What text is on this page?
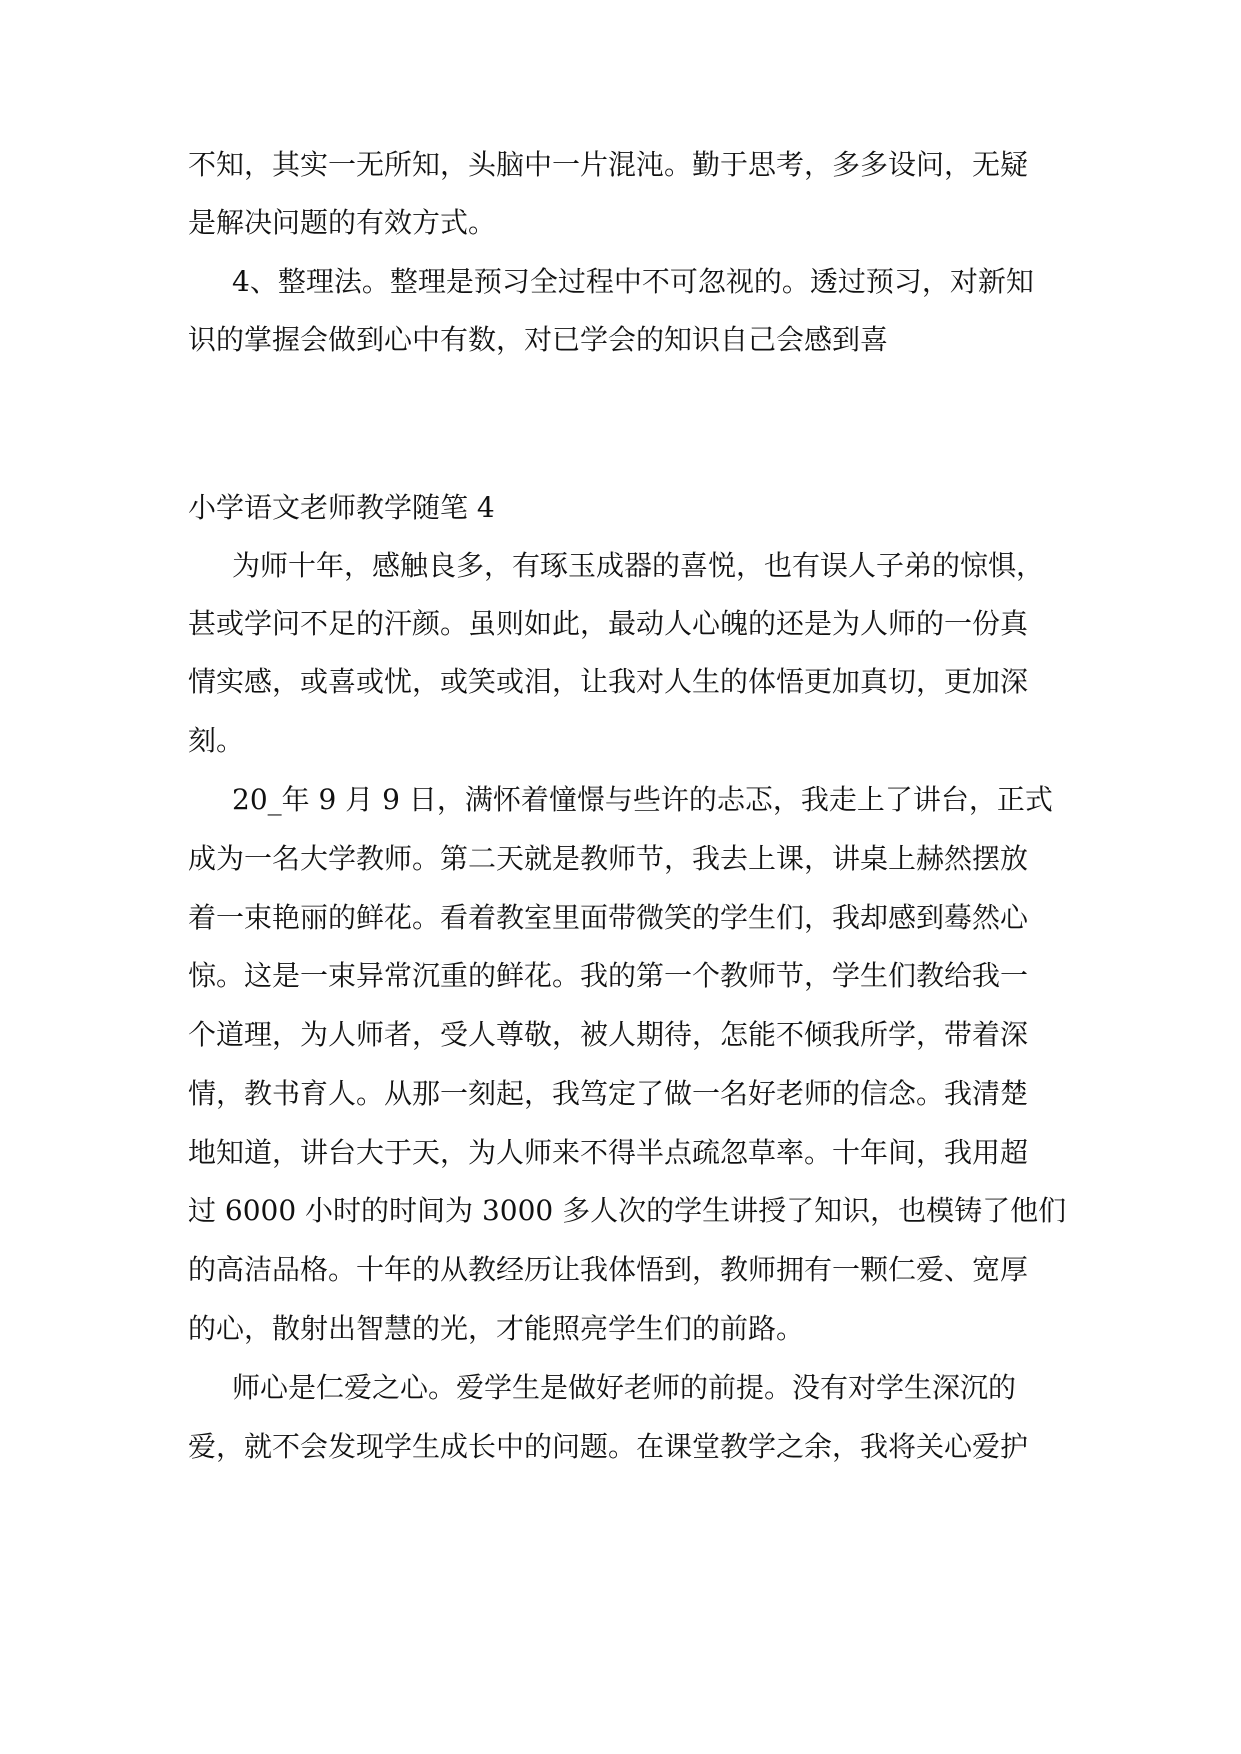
不知，其实一无所知，头脑中一片混沌。勤于思考，多多设问，无疑

是解决问题的有效方式。

4、整理法。整理是预习全过程中不可忽视的。透过预习，对新知

识的掌握会做到心中有数，对已学会的知识自己会感到喜

小学语文老师教学随笔 4

为师十年，感触良多，有琢玉成器的喜悦，也有误人子弟的惊惧，

甚或学问不足的汗颜。虽则如此，最动人心魄的还是为人师的一份真

情实感，或喜或忧，或笑或泪，让我对人生的体悟更加真切，更加深

刻。

20_年 9 月 9 日，满怀着憧憬与些许的忐忑，我走上了讲台，正式

成为一名大学教师。第二天就是教师节，我去上课，讲桌上赫然摆放

着一束艳丽的鲜花。看着教室里面带微笑的学生们，我却感到蓦然心

惊。这是一束异常沉重的鲜花。我的第一个教师节，学生们教给我一

个道理，为人师者，受人尊敬，被人期待，怎能不倾我所学，带着深

情，教书育人。从那一刻起，我笃定了做一名好老师的信念。我清楚

地知道，讲台大于天，为人师来不得半点疏忽草率。十年间，我用超

过 6000 小时的时间为 3000 多人次的学生讲授了知识，也模铸了他们

的高洁品格。十年的从教经历让我体悟到，教师拥有一颗仁爱、宽厚

的心，散射出智慧的光，才能照亮学生们的前路。

师心是仁爱之心。爱学生是做好老师的前提。没有对学生深沉的

爱，就不会发现学生成长中的问题。在课堂教学之余，我将关心爱护
